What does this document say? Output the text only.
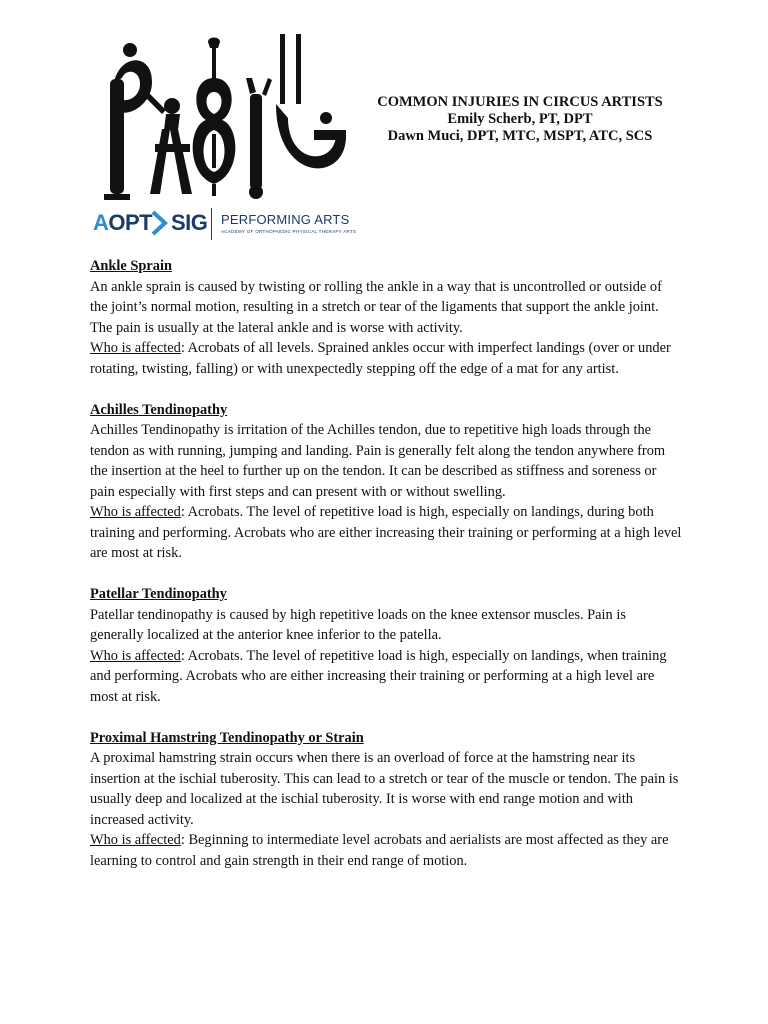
AOPT SIG PERFORMING ARTS
ACADEMY OF ORTHOPAEDIC PHYSICAL THERAPY ARTS
COMMON INJURIES IN CIRCUS ARTISTS
Emily Scherb, PT, DPT
Dawn Muci, DPT, MTC, MSPT, ATC, SCS
Ankle Sprain

An ankle sprain is caused by twisting or rolling the ankle in a way that is uncontrolled or outside of the joint’s normal motion, resulting in a stretch or tear of the ligaments that support the ankle joint. The pain is usually at the lateral ankle and is worse with activity.

Who is affected: Acrobats of all levels. Sprained ankles occur with imperfect landings (over or under rotating, twisting, falling) or with unexpectedly stepping off the edge of a mat for any artist.

Achilles Tendinopathy

Achilles Tendinopathy is irritation of the Achilles tendon, due to repetitive high loads through the tendon as with running, jumping and landing. Pain is generally felt along the tendon anywhere from the insertion at the heel to further up on the tendon. It can be described as stiffness and soreness or pain especially with first steps and can present with or without swelling.

Who is affected: Acrobats. The level of repetitive load is high, especially on landings, during both training and performing. Acrobats who are either increasing their training or performing at a high level are most at risk.

Patellar Tendinopathy

Patellar tendinopathy is caused by high repetitive loads on the knee extensor muscles. Pain is generally localized at the anterior knee inferior to the patella.

Who is affected: Acrobats. The level of repetitive load is high, especially on landings, when training and performing. Acrobats who are either increasing their training or performing at a high level are most at risk.

Proximal Hamstring Tendinopathy or Strain

A proximal hamstring strain occurs when there is an overload of force at the hamstring near its insertion at the ischial tuberosity. This can lead to a stretch or tear of the muscle or tendon. The pain is usually deep and localized at the ischial tuberosity. It is worse with end range motion and with increased activity.

Who is affected: Beginning to intermediate level acrobats and aerialists are most affected as they are learning to control and gain strength in their end range of motion.
